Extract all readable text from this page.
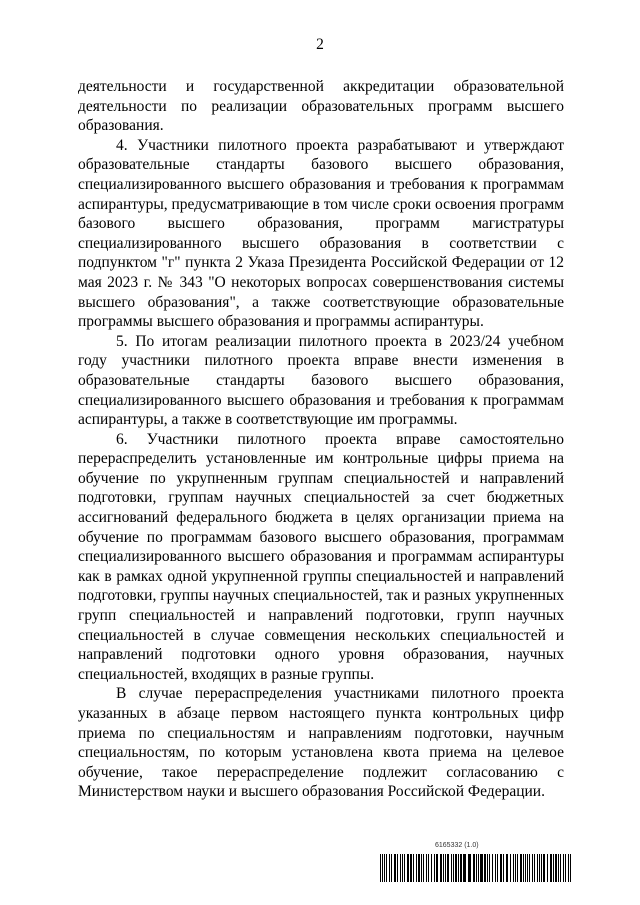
2

деятельности и государственной аккредитации образовательной деятельности по реализации образовательных программ высшего образования.

4. Участники пилотного проекта разрабатывают и утверждают образовательные стандарты базового высшего образования, специализированного высшего образования и требования к программам аспирантуры, предусматривающие в том числе сроки освоения программ базового высшего образования, программ магистратуры специализированного высшего образования в соответствии с подпунктом "г" пункта 2 Указа Президента Российской Федерации от 12 мая 2023 г. № 343 "О некоторых вопросах совершенствования системы высшего образования", а также соответствующие образовательные программы высшего образования и программы аспирантуры.

5. По итогам реализации пилотного проекта в 2023/24 учебном году участники пилотного проекта вправе внести изменения в образовательные стандарты базового высшего образования, специализированного высшего образования и требования к программам аспирантуры, а также в соответствующие им программы.

6. Участники пилотного проекта вправе самостоятельно перераспределить установленные им контрольные цифры приема на обучение по укрупненным группам специальностей и направлений подготовки, группам научных специальностей за счет бюджетных ассигнований федерального бюджета в целях организации приема на обучение по программам базового высшего образования, программам специализированного высшего образования и программам аспирантуры как в рамках одной укрупненной группы специальностей и направлений подготовки, группы научных специальностей, так и разных укрупненных групп специальностей и направлений подготовки, групп научных специальностей в случае совмещения нескольких специальностей и направлений подготовки одного уровня образования, научных специальностей, входящих в разные группы.

В случае перераспределения участниками пилотного проекта указанных в абзаце первом настоящего пункта контрольных цифр приема по специальностям и направлениям подготовки, научным специальностям, по которым установлена квота приема на целевое обучение, такое перераспределение подлежит согласованию с Министерством науки и высшего образования Российской Федерации.

6165332 (1.0)
